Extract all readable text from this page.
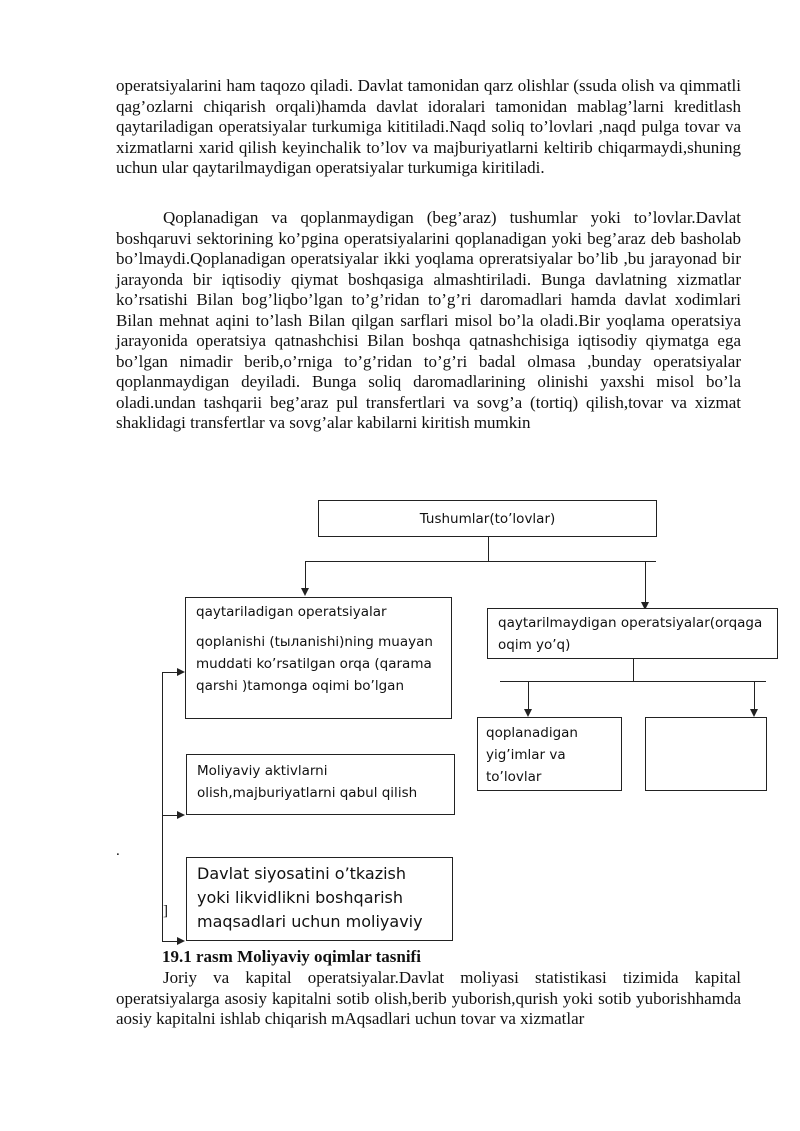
operatsiyalarini ham taqozo qiladi. Davlat tamonidan qarz olishlar (ssuda olish va qimmatli qag’ozlarni chiqarish orqali)hamda davlat idoralari tamonidan mablag’larni kreditlash qaytariladigan operatsiyalar turkumiga kititiladi.Naqd soliq to’lovlari ,naqd pulga tovar va xizmatlarni xarid qilish keyinchalik to’lov va majburiyatlarni keltirib chiqarmaydi,shuning uchun ular qaytarilmaydigan operatsiyalar turkumiga kiritiladi.

Qoplanadigan va qoplanmaydigan (beg’araz) tushumlar yoki to’lovlar.Davlat boshqaruvi sektorining ko’pgina operatsiyalarini qoplanadigan yoki beg’araz deb basholab bo’lmaydi.Qoplanadigan operatsiyalar ikki yoqlama opreratsiyalar bo’lib ,bu jarayonad bir jarayonda bir iqtisodiy qiymat boshqasiga almashtiriladi. Bunga davlatning xizmatlar ko’rsatishi Bilan bog’liqbo’lgan to’g’ridan to’g’ri daromadlari hamda davlat xodimlari Bilan mehnat aqini to’lash Bilan qilgan sarflari misol bo’la oladi.Bir yoqlama operatsiya jarayonida operatsiya qatnashchisi Bilan boshqa qatnashchisiga iqtisodiy qiymatga ega bo’lgan nimadir berib,o’rniga to’g’ridan to’g’ri badal olmasa ,bunday operatsiyalar qoplanmaydigan deyiladi. Bunga soliq daromadlarining olinishi yaxshi misol bo’la oladi.undan tashqarii beg’araz pul transfertlari va sovg’a (tortiq) qilish,tovar va xizmat shaklidagi transfertlar va sovg’alar kabilarni kiritish mumkin

Tushumlar(to’lovlar)
qaytariladigan operatsiyalar
qoplanishi (tылanishi)ning muayan muddati ko’rsatilgan orqa (qarama qarshi )tamonga oqimi bo’lgan
qaytarilmaydigan operatsiyalar(orqaga oqim yo’q)
qoplanadigan yig’imlar va to’lovlar
Moliyaviy aktivlarni olish,majburiyatlarni qabul qilish
Davlat siyosatini o’tkazish yoki likvidlikni boshqarish maqsadlari uchun moliyaviy
.
]
19.1 rasm Moliyaviy oqimlar tasnifi

Joriy va kapital operatsiyalar.Davlat moliyasi statistikasi tizimida kapital operatsiyalarga asosiy kapitalni sotib olish,berib yuborish,qurish yoki sotib yuborishhamda aosiy kapitalni ishlab chiqarish mAqsadlari uchun tovar va xizmatlar
